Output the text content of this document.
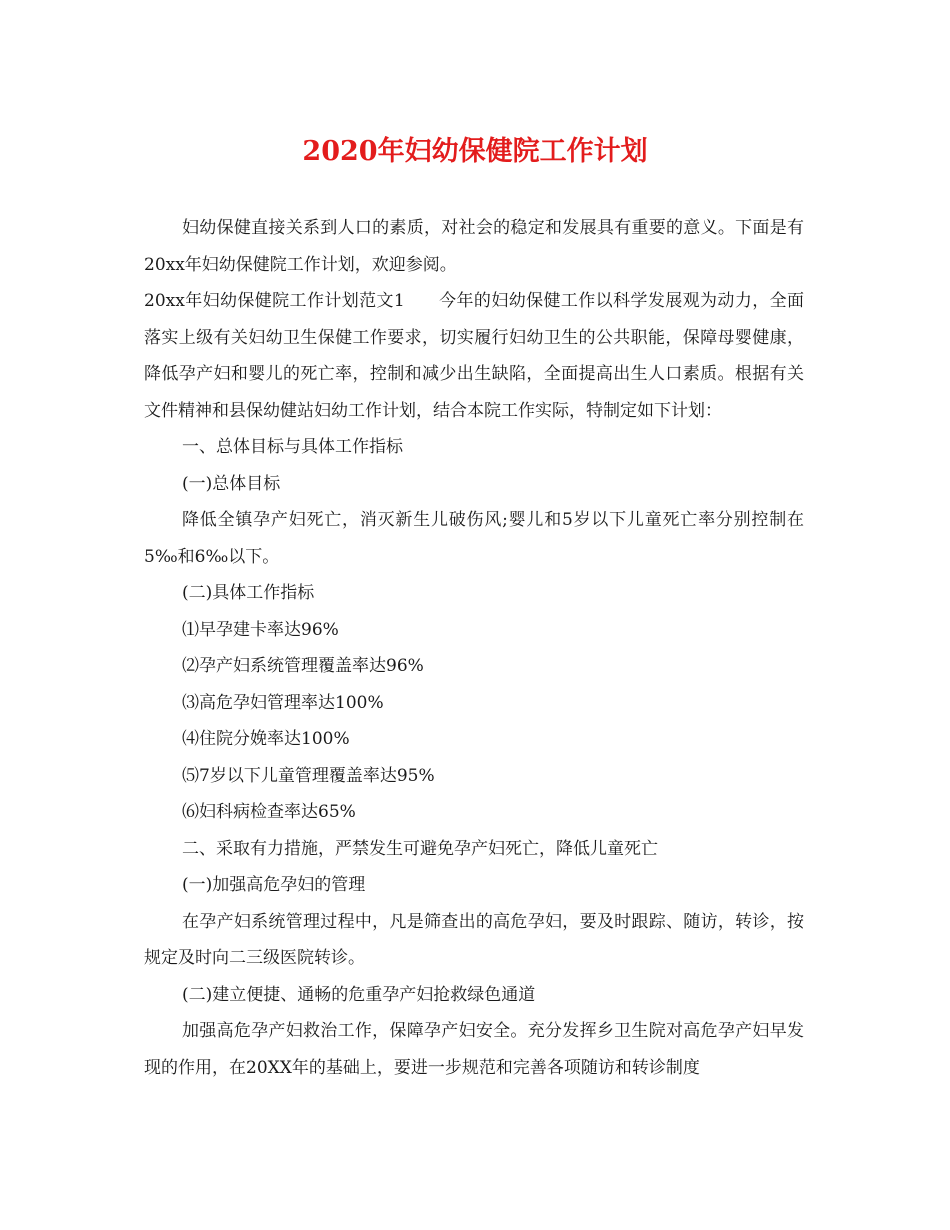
2020年妇幼保健院工作计划

妇幼保健直接关系到人口的素质，对社会的稳定和发展具有重要的意义。下面是有20xx年妇幼保健院工作计划，欢迎参阅。

20xx年妇幼保健院工作计划范文1 今年的妇幼保健工作以科学发展观为动力，全面落实上级有关妇幼卫生保健工作要求，切实履行妇幼卫生的公共职能，保障母婴健康，降低孕产妇和婴儿的死亡率，控制和减少出生缺陷，全面提高出生人口素质。根据有关文件精神和县保幼健站妇幼工作计划，结合本院工作实际，特制定如下计划：

一、总体目标与具体工作指标

(一)总体目标

降低全镇孕产妇死亡，消灭新生儿破伤风;婴儿和5岁以下儿童死亡率分别控制在5‰和6‰以下。

(二)具体工作指标

⑴早孕建卡率达96%

⑵孕产妇系统管理覆盖率达96%

⑶高危孕妇管理率达100%

⑷住院分娩率达100%

⑸7岁以下儿童管理覆盖率达95%

⑹妇科病检查率达65%

二、采取有力措施，严禁发生可避免孕产妇死亡，降低儿童死亡

(一)加强高危孕妇的管理

在孕产妇系统管理过程中，凡是筛查出的高危孕妇，要及时跟踪、随访，转诊，按规定及时向二三级医院转诊。

(二)建立便捷、通畅的危重孕产妇抢救绿色通道

加强高危孕产妇救治工作，保障孕产妇安全。充分发挥乡卫生院对高危孕产妇早发现的作用，在20XX年的基础上，要进一步规范和完善各项随访和转诊制度
